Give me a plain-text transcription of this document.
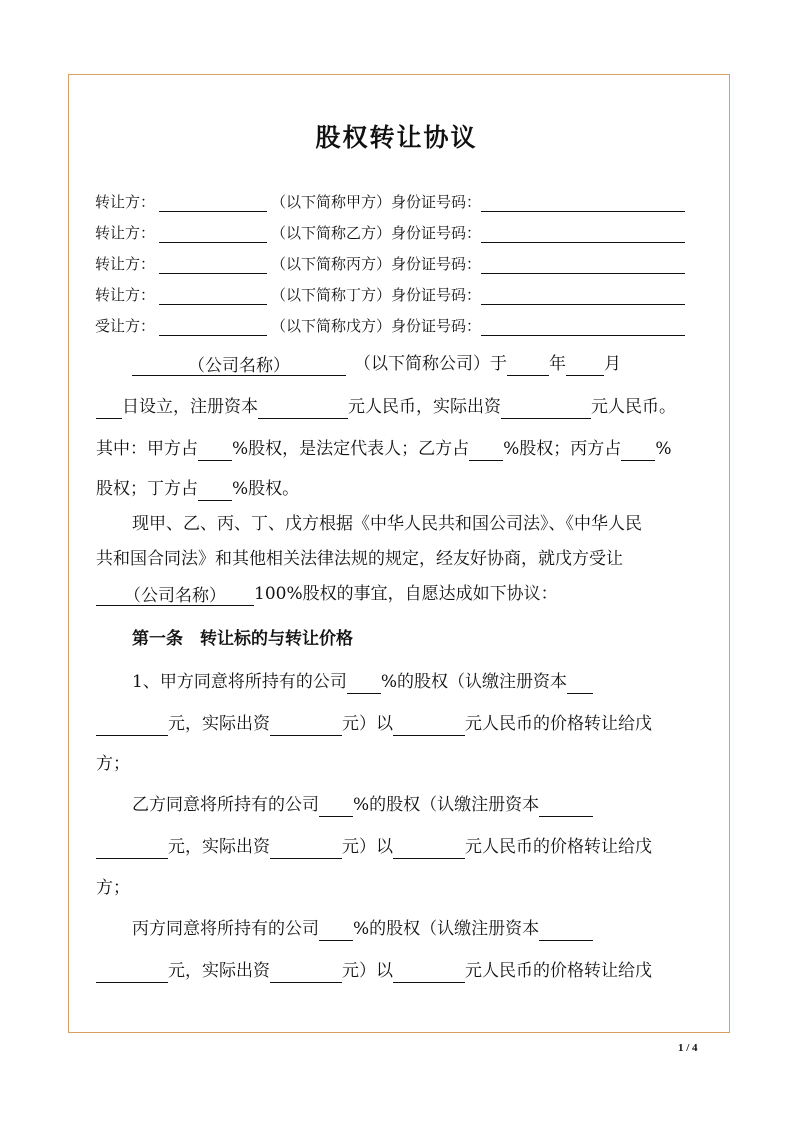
股权转让协议
转让方：	（以下简称甲方）身份证号码：
转让方：	（以下简称乙方）身份证号码：
转让方：	（以下简称丙方）身份证号码：
转让方：	（以下简称丁方）身份证号码：
受让方：	（以下简称戊方）身份证号码：
（公司名称）	（以下简称公司）于 年 月
日设立，注册资本	元人民币，实际出资	元人民币。
其中：甲方占 %股权，是法定代表人；乙方占 %股权；丙方占 %
股权；丁方占 %股权。
现甲、乙、丙、丁、戊方根据《中华人民共和国公司法》、《中华人民
共和国合同法》和其他相关法律法规的规定，经友好协商，就戊方受让
（公司名称）	100%股权的事宜，自愿达成如下协议：
第一条　转让标的与转让价格
1、甲方同意将所持有的公司 %的股权（认缴注册资本
元，实际出资	元）以	元人民币的价格转让给戊
方；
乙方同意将所持有的公司 %的股权（认缴注册资本
元，实际出资	元）以	元人民币的价格转让给戊
方；
丙方同意将所持有的公司 %的股权（认缴注册资本
元，实际出资	元）以	元人民币的价格转让给戊
1 / 4
